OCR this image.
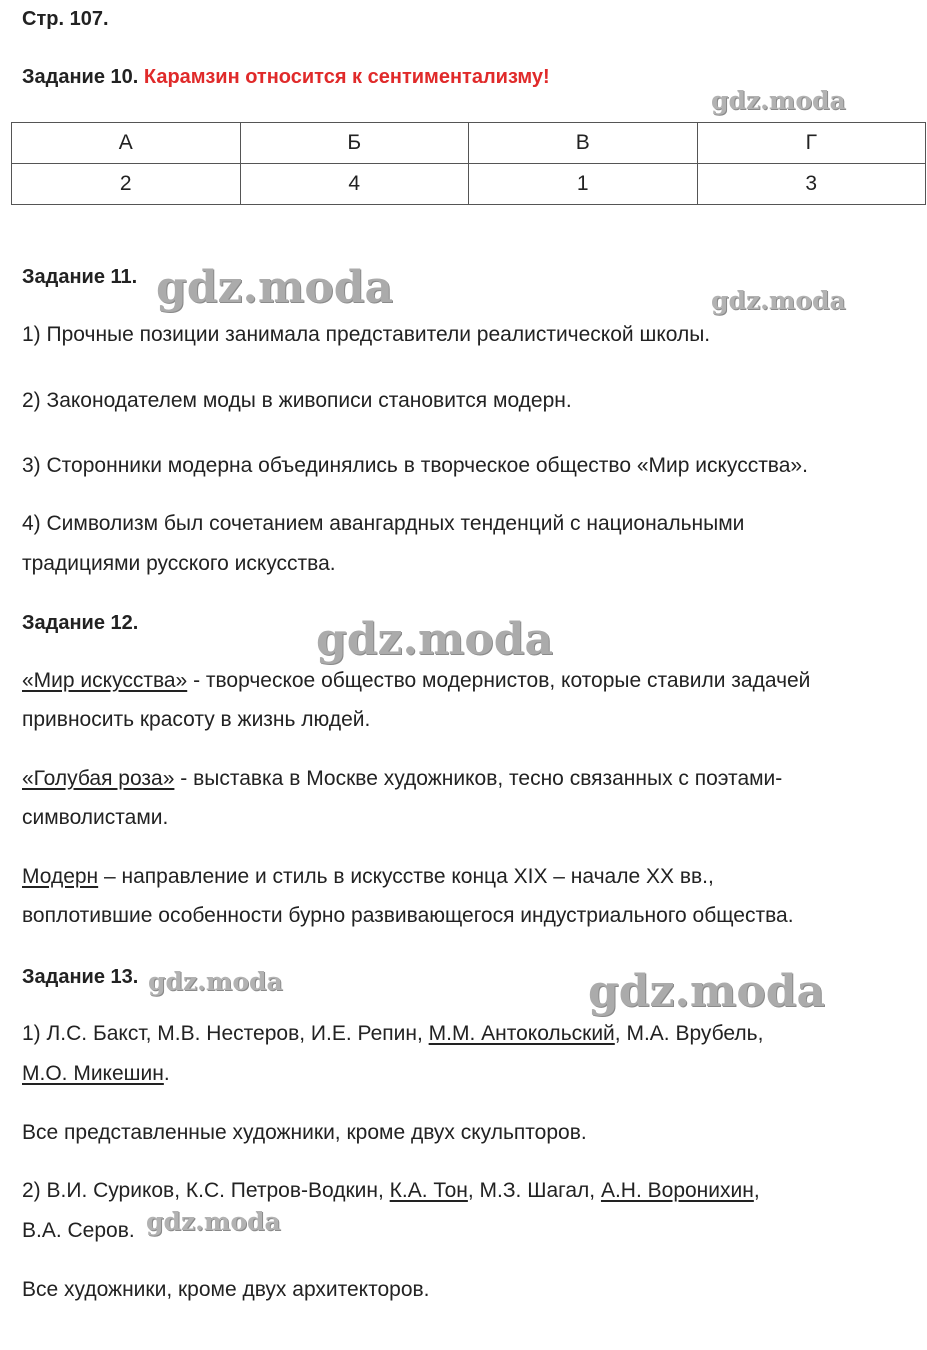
Стр. 107.
Задание 10. Карамзин относится к сентиментализму!
А	Б	В	Г
2	4	1	3
Задание 11.
1) Прочные позиции занимала представители реалистической школы.
2) Законодателем моды в живописи становится модерн.
3) Сторонники модерна объединялись в творческое общество «Мир искусства».
4) Символизм был сочетанием авангардных тенденций с национальными
традициями русского искусства.
Задание 12.
«Мир искусства» - творческое общество модернистов, которые ставили задачей
привносить красоту в жизнь людей.
«Голубая роза» - выставка в Москве художников, тесно связанных с поэтами-
символистами.
Модерн – направление и стиль в искусстве конца XIX – начале XX вв.,
воплотившие особенности бурно развивающегося индустриального общества.
Задание 13.
1) Л.С. Бакст, М.В. Нестеров, И.Е. Репин, М.М. Антокольский, М.А. Врубель,
М.О. Микешин.
Все представленные художники, кроме двух скульпторов.
2) В.И. Суриков, К.С. Петров-Водкин, К.А. Тон, М.З. Шагал, А.Н. Воронихин,
В.А. Серов.
Все художники, кроме двух архитекторов.
gdz.moda
gdz.moda	gdz.moda
gdz.moda
gdz.moda	gdz.moda
gdz.moda
